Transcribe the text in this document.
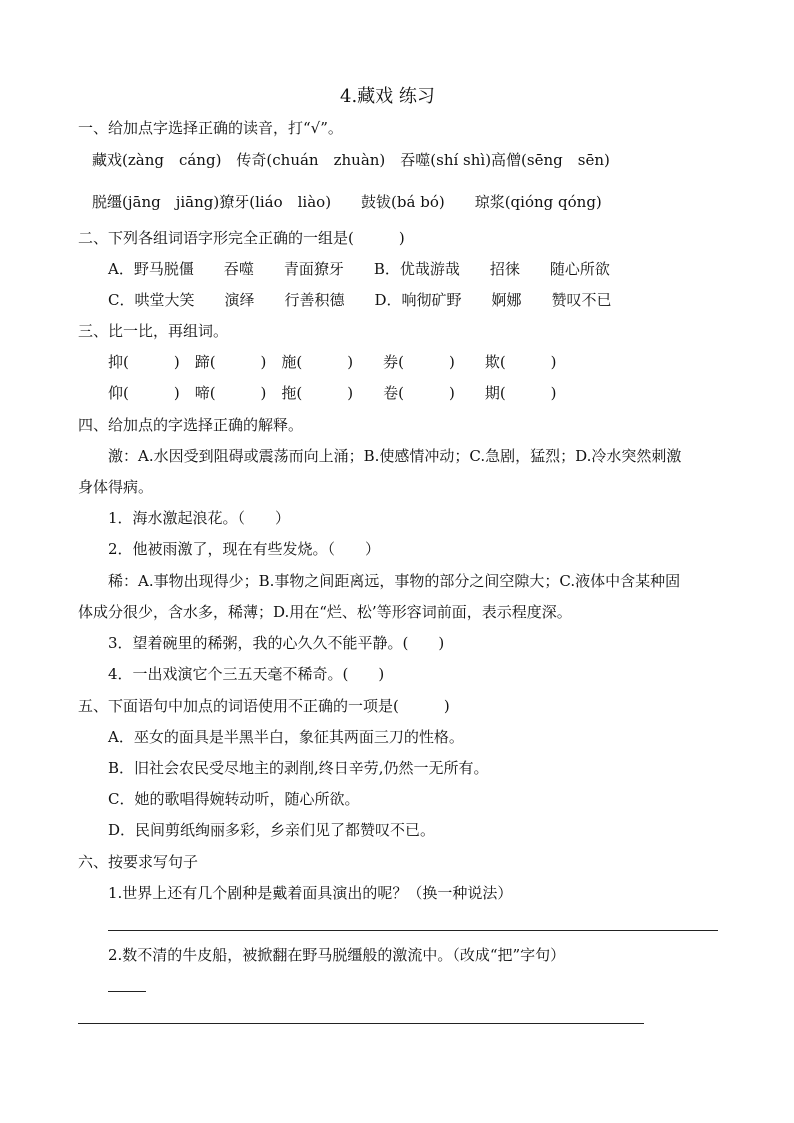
4.藏戏 练习
一、给加点字选择正确的读音，打“√”。
藏戏(zàng　cáng)　传奇(chuán　zhuàn)　吞噬(shí shì)高僧(sēng　sēn)
脱缰(jāng　jiāng)獠牙(liáo　liào)　　鼓钹(bá bó)　　琼浆(qióng qóng)
二、下列各组词语字形完全正确的一组是(　　　)
A．野马脱僵　　吞噬　　青面獠牙　　B．优哉游哉　　招徕　　随心所欲
C．哄堂大笑　　演绎　　行善积德　　D．响彻矿野　　婀娜　　赞叹不已
三、比一比，再组词。
抑(　　　)　蹄(　　　)　施(　　　)　　券(　　　)　　欺(　　　)
仰(　　　)　啼(　　　)　拖(　　　)　　卷(　　　)　　期(　　　)
四、给加点的字选择正确的解释。
激：A.水因受到阻碍或震荡而向上涌；B.使感情冲动；C.急剧，猛烈；D.冷水突然刺激
身体得病。
1．海水激起浪花。（　　）
2．他被雨激了，现在有些发烧。（　　）
稀：A.事物出现得少；B.事物之间距离远，事物的部分之间空隙大；C.液体中含某种固
体成分很少，含水多，稀薄；D.用在“烂、松’等形容词前面，表示程度深。
3．望着碗里的稀粥，我的心久久不能平静。(　　)
4．一出戏演它个三五天毫不稀奇。(　　)
五、下面语句中加点的词语使用不正确的一项是(　　　)
A．巫女的面具是半黑半白，象征其两面三刀的性格。
B．旧社会农民受尽地主的剥削,终日辛劳,仍然一无所有。
C．她的歌唱得婉转动听，随心所欲。
D．民间剪纸绚丽多彩，乡亲们见了都赞叹不已。
六、按要求写句子
1.世界上还有几个剧种是戴着面具演出的呢？（换一种说法）
2.数不清的牛皮船，被掀翻在野马脱缰般的激流中。（改成“把”字句）
